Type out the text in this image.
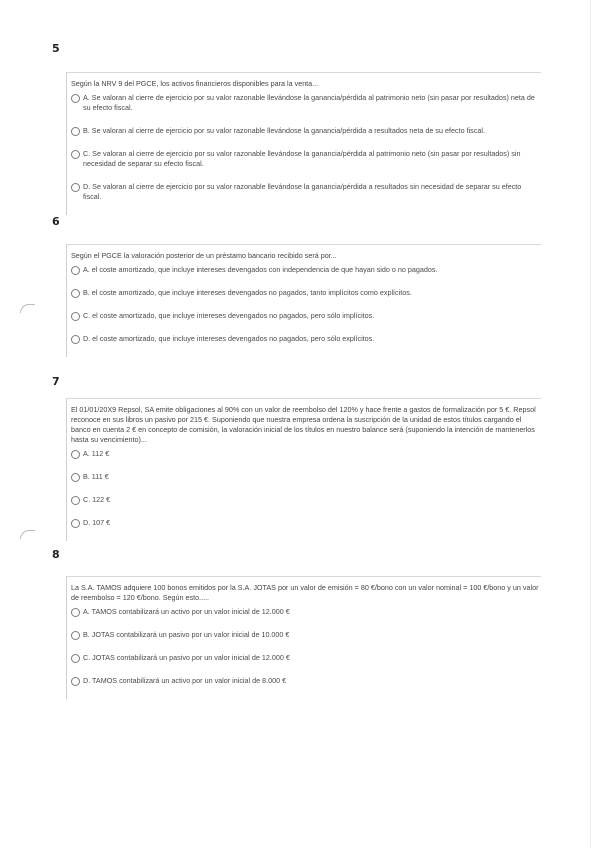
5

Según la NRV 9 del PGCE, los activos financieros disponibles para la venta...

A. Se valoran al cierre de ejercicio por su valor razonable llevándose la ganancia/pérdida al patrimonio neto (sin pasar por resultados) neta de su efecto fiscal.
B. Se valoran al cierre de ejercicio por su valor razonable llevándose la ganancia/pérdida a resultados neta de su efecto fiscal.
C. Se valoran al cierre de ejercicio por su valor razonable llevándose la ganancia/pérdida al patrimonio neto (sin pasar por resultados) sin necesidad de separar su efecto fiscal.
D. Se valoran al cierre de ejercicio por su valor razonable llevándose la ganancia/pérdida a resultados sin necesidad de separar su efecto fiscal.
6

Según el PGCE la valoración posterior de un préstamo bancario recibido será por...

A. el coste amortizado, que incluye intereses devengados con independencia de que hayan sido o no pagados.
B. el coste amortizado, que incluye intereses devengados no pagados, tanto implícitos como explícitos.
C. el coste amortizado, que incluye intereses devengados no pagados, pero sólo implícitos.
D. el coste amortizado, que incluye intereses devengados no pagados, pero sólo explícitos.
7

El 01/01/20X9 Repsol, SA emite obligaciones al 90% con un valor de reembolso del 120% y hace frente a gastos de formalización por 5 €. Repsol reconoce en sus libros un pasivo por 215 €. Suponiendo que nuestra empresa ordena la suscripción de la unidad de estos títulos cargando el banco en cuenta 2 € en concepto de comisión, la valoración inicial de los títulos en nuestro balance será (suponiendo la intención de mantenerlos hasta su vencimiento)...

A. 112 €
B. 111 €
C. 122 €
D. 107 €
8

La S.A. TAMOS adquiere 100 bonos emitidos por la S.A. JOTAS por un valor de emisión = 80 €/bono con un valor nominal = 100 €/bono y un valor de reembolso = 120 €/bono. Según esto.....

A. TAMOS contabilizará un activo por un valor inicial de 12.000 €
B. JOTAS contabilizará un pasivo por un valor inicial de 10.000 €
C. JOTAS contabilizará un pasivo por un valor inicial de 12.000 €
D. TAMOS contabilizará un activo por un valor inicial de 8.000 €
